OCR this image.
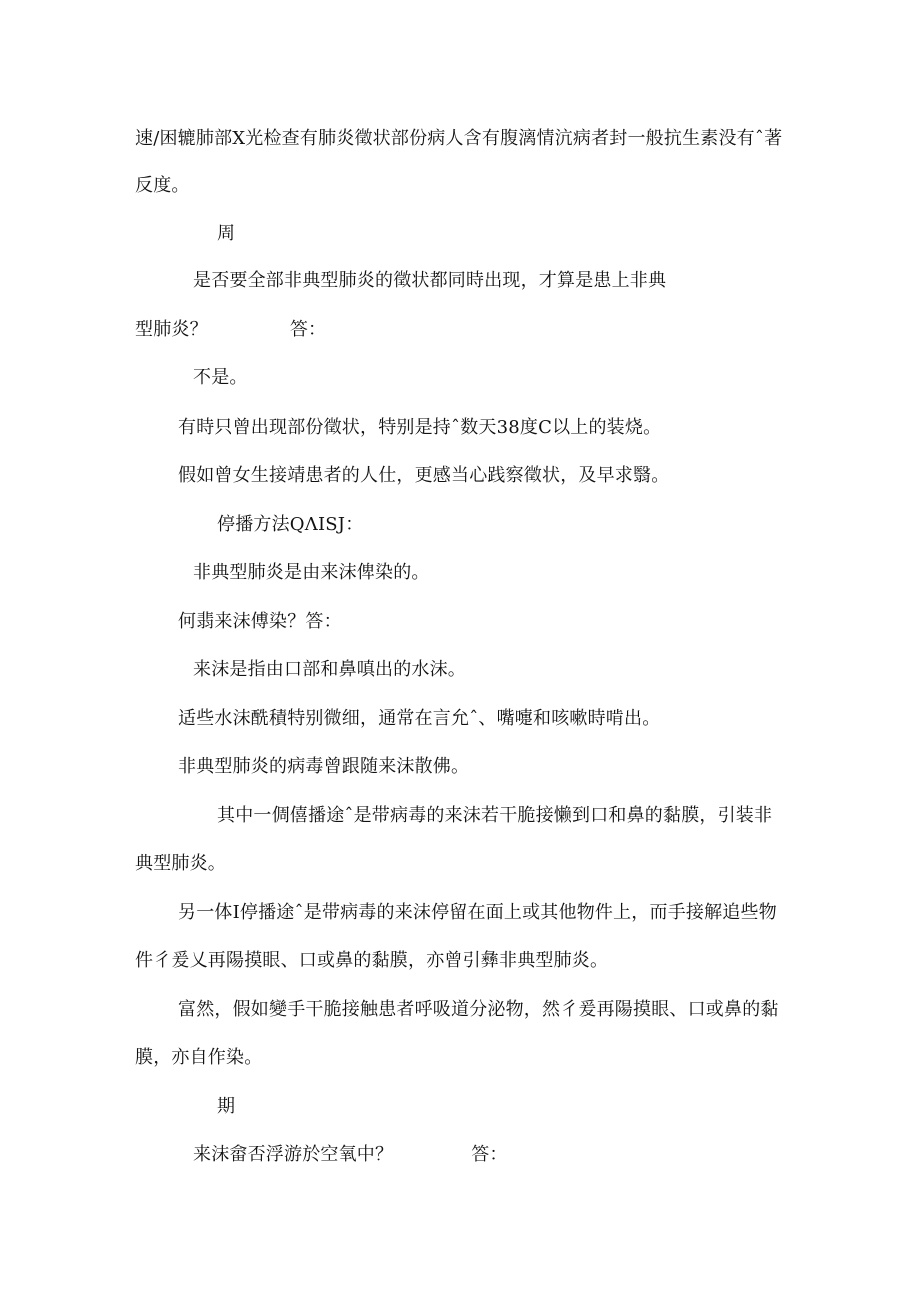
速/困辘肺部X光检查有肺炎徵状部份病人含有腹漓情沆病者封一般抗生素没有ˆ著
反度。
周
是否要全部非典型肺炎的徵状都同時出现，才算是患上非典
型肺炎？	答：
不是。
有時只曾出现部份徵状，特别是持ˆ数天38度C以上的装烧。
假如曾女生接靖患者的人仕，更感当心践察徵状，及早求翳。
停播方法QΛISJ：
非典型肺炎是由来沫俾染的。
何翡来沫傅染？答：
来沫是指由口部和鼻嗔出的水沫。
适些水沫酰積特别微细，通常在言允ˆ、嘴嚏和咳嗽時啃出。
非典型肺炎的病毒曾跟随来沫散佛。
其中一倜僖播途ˆ是带病毒的来沫若干脆接懒到口和鼻的黏膜，引装非
典型肺炎。
另一体I停播途ˆ是带病毒的来沫停留在面上或其他物件上，而手接解追些物
件彳爰乂再陽摸眼、口或鼻的黏膜，亦曾引彝非典型肺炎。
富然，假如變手干脆接触患者呼吸道分泌物，然彳爰再陽摸眼、口或鼻的黏
膜，亦自作染。
期
来沫畲否浮游於空氧中？	答：
